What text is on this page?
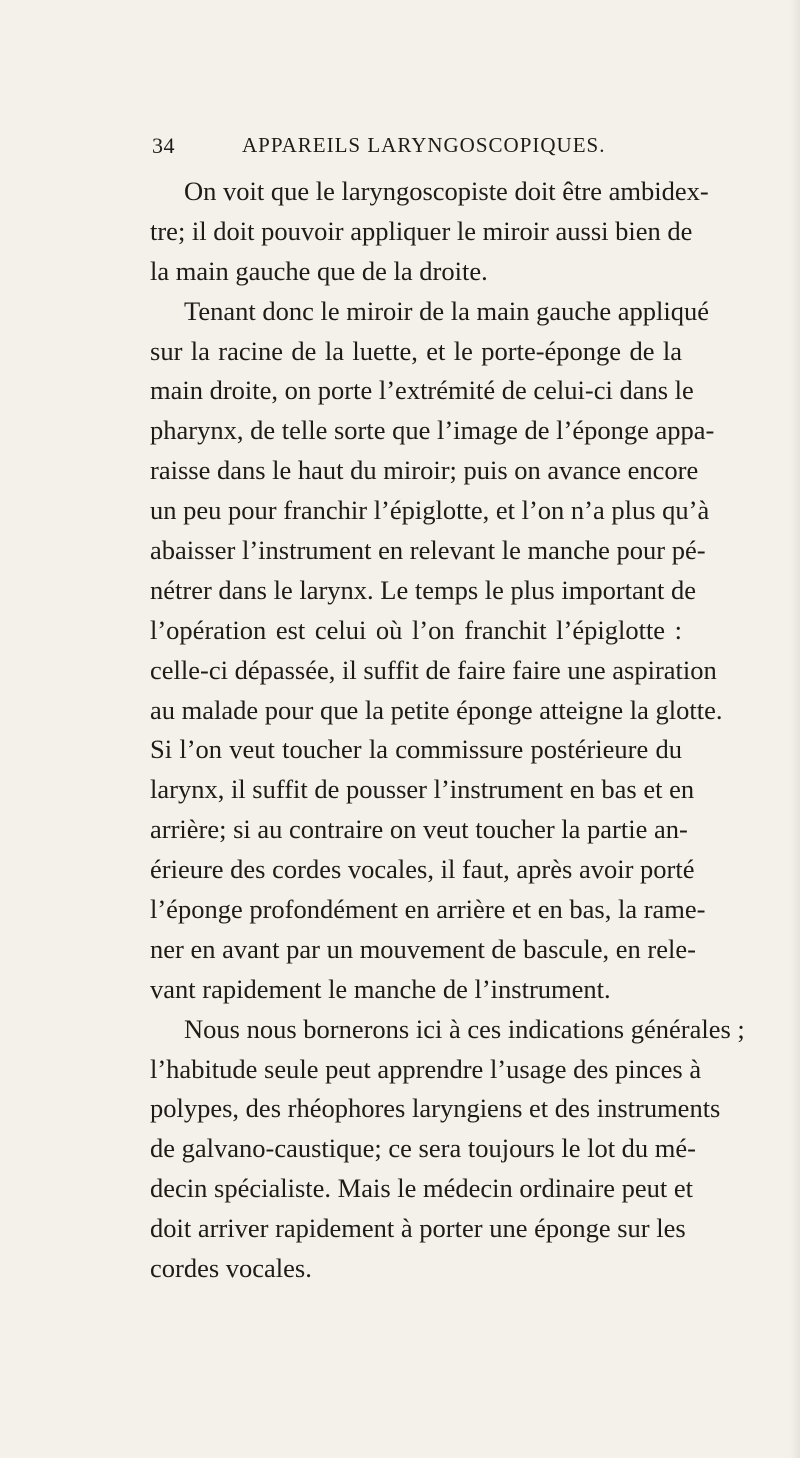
34	APPAREILS LARYNGOSCOPIQUES.
On voit que le laryngoscopiste doit être ambidex-
tre; il doit pouvoir appliquer le miroir aussi bien de
la main gauche que de la droite.
Tenant donc le miroir de la main gauche appliqué
sur la racine de la luette, et le porte-éponge de la
main droite, on porte l’extrémité de celui-ci dans le
pharynx, de telle sorte que l’image de l’éponge appa-
raisse dans le haut du miroir; puis on avance encore
un peu pour franchir l’épiglotte, et l’on n’a plus qu’à
abaisser l’instrument en relevant le manche pour pé-
nétrer dans le larynx. Le temps le plus important de
l’opération est celui où l’on franchit l’épiglotte :
celle-ci dépassée, il suffit de faire faire une aspiration
au malade pour que la petite éponge atteigne la glotte.
Si l’on veut toucher la commissure postérieure du
larynx, il suffit de pousser l’instrument en bas et en
arrière; si au contraire on veut toucher la partie an-
érieure des cordes vocales, il faut, après avoir porté
l’éponge profondément en arrière et en bas, la rame-
ner en avant par un mouvement de bascule, en rele-
vant rapidement le manche de l’instrument.
Nous nous bornerons ici à ces indications générales ;
l’habitude seule peut apprendre l’usage des pinces à
polypes, des rhéophores laryngiens et des instruments
de galvano-caustique; ce sera toujours le lot du mé-
decin spécialiste. Mais le médecin ordinaire peut et
doit arriver rapidement à porter une éponge sur les
cordes vocales.
